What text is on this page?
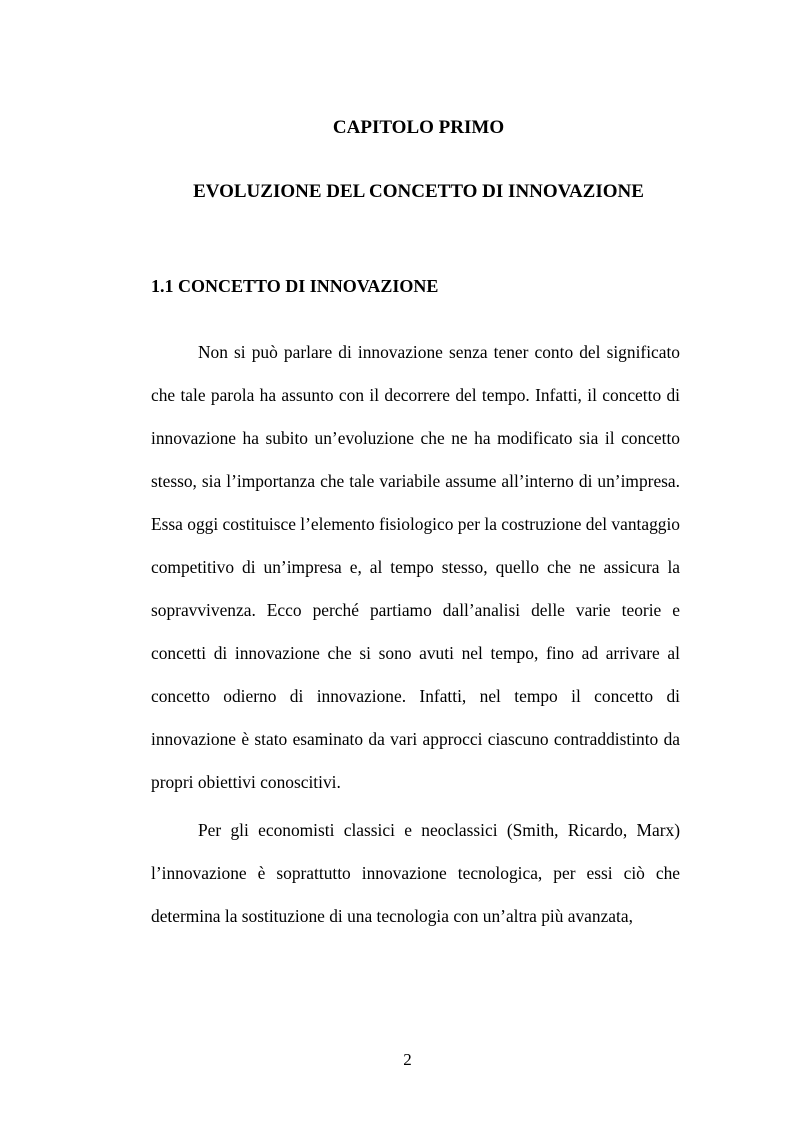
CAPITOLO PRIMO
EVOLUZIONE DEL CONCETTO DI INNOVAZIONE
1.1 CONCETTO DI INNOVAZIONE

Non si può parlare di innovazione senza tener conto del significato che tale parola ha assunto con il decorrere del tempo. Infatti, il concetto di innovazione ha subito un’evoluzione che ne ha modificato sia il concetto stesso, sia l’importanza che tale variabile assume all’interno di un’impresa. Essa oggi costituisce l’elemento fisiologico per la costruzione del vantaggio competitivo di un’impresa e, al tempo stesso, quello che ne assicura la sopravvivenza. Ecco perché partiamo dall’analisi delle varie teorie e concetti di innovazione che si sono avuti nel tempo, fino ad arrivare al concetto odierno di innovazione. Infatti, nel tempo il concetto di innovazione è stato esaminato da vari approcci ciascuno contraddistinto da propri obiettivi conoscitivi.

Per gli economisti classici e neoclassici (Smith, Ricardo, Marx) l’innovazione è soprattutto innovazione tecnologica, per essi ciò che determina la sostituzione di una tecnologia con un’altra più avanzata,

2
